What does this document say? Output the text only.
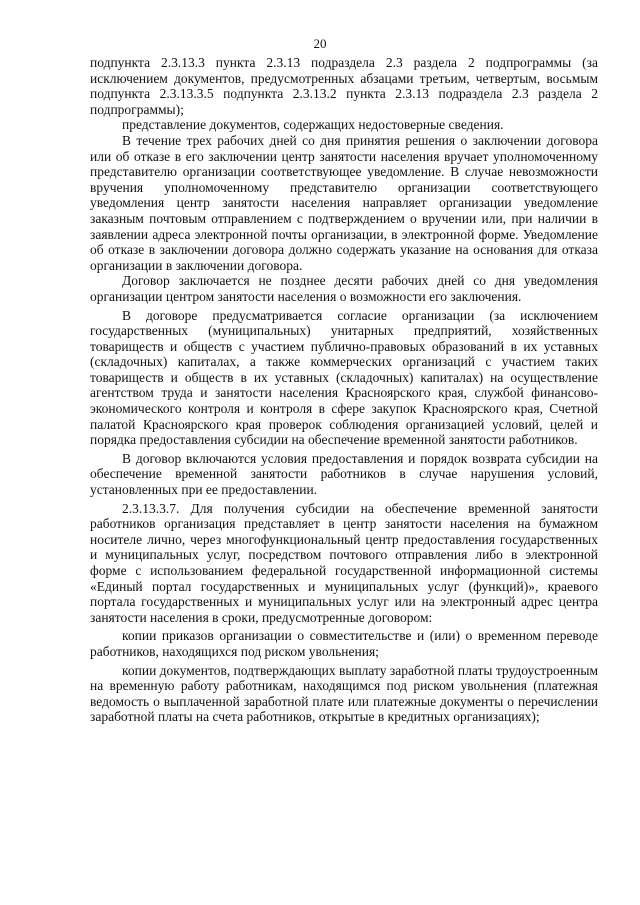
20

подпункта 2.3.13.3 пункта 2.3.13 подраздела 2.3 раздела 2 подпрограммы (за исключением документов, предусмотренных абзацами третьим, четвертым, восьмым подпункта 2.3.13.3.5 подпункта 2.3.13.2 пункта 2.3.13 подраздела 2.3 раздела 2 подпрограммы);

представление документов, содержащих недостоверные сведения.

В течение трех рабочих дней со дня принятия решения о заключении договора или об отказе в его заключении центр занятости населения вручает уполномоченному представителю организации соответствующее уведомление. В случае невозможности вручения уполномоченному представителю организации соответствующего уведомления центр занятости населения направляет организации уведомление заказным почтовым отправлением с подтверждением о вручении или, при наличии в заявлении адреса электронной почты организации, в электронной форме. Уведомление об отказе в заключении договора должно содержать указание на основания для отказа организации в заключении договора.

Договор заключается не позднее десяти рабочих дней со дня уведомления организации центром занятости населения о возможности его заключения.

В договоре предусматривается согласие организации (за исключением государственных (муниципальных) унитарных предприятий, хозяйственных товариществ и обществ с участием публично-правовых образований в их уставных (складочных) капиталах, а также коммерческих организаций с участием таких товариществ и обществ в их уставных (складочных) капиталах) на осуществление агентством труда и занятости населения Красноярского края, службой финансово-экономического контроля и контроля в сфере закупок Красноярского края, Счетной палатой Красноярского края проверок соблюдения организацией условий, целей и порядка предоставления субсидии на обеспечение временной занятости работников.

В договор включаются условия предоставления и порядок возврата субсидии на обеспечение временной занятости работников в случае нарушения условий, установленных при ее предоставлении.

2.3.13.3.7. Для получения субсидии на обеспечение временной занятости работников организация представляет в центр занятости населения на бумажном носителе лично, через многофункциональный центр предоставления государственных и муниципальных услуг, посредством почтового отправления либо в электронной форме с использованием федеральной государственной информационной системы «Единый портал государственных и муниципальных услуг (функций)», краевого портала государственных и муниципальных услуг или на электронный адрес центра занятости населения в сроки, предусмотренные договором:

копии приказов организации о совместительстве и (или) о временном переводе работников, находящихся под риском увольнения;

копии документов, подтверждающих выплату заработной платы трудоустроенным на временную работу работникам, находящимся под риском увольнения (платежная ведомость о выплаченной заработной плате или платежные документы о перечислении заработной платы на счета работников, открытые в кредитных организациях);
